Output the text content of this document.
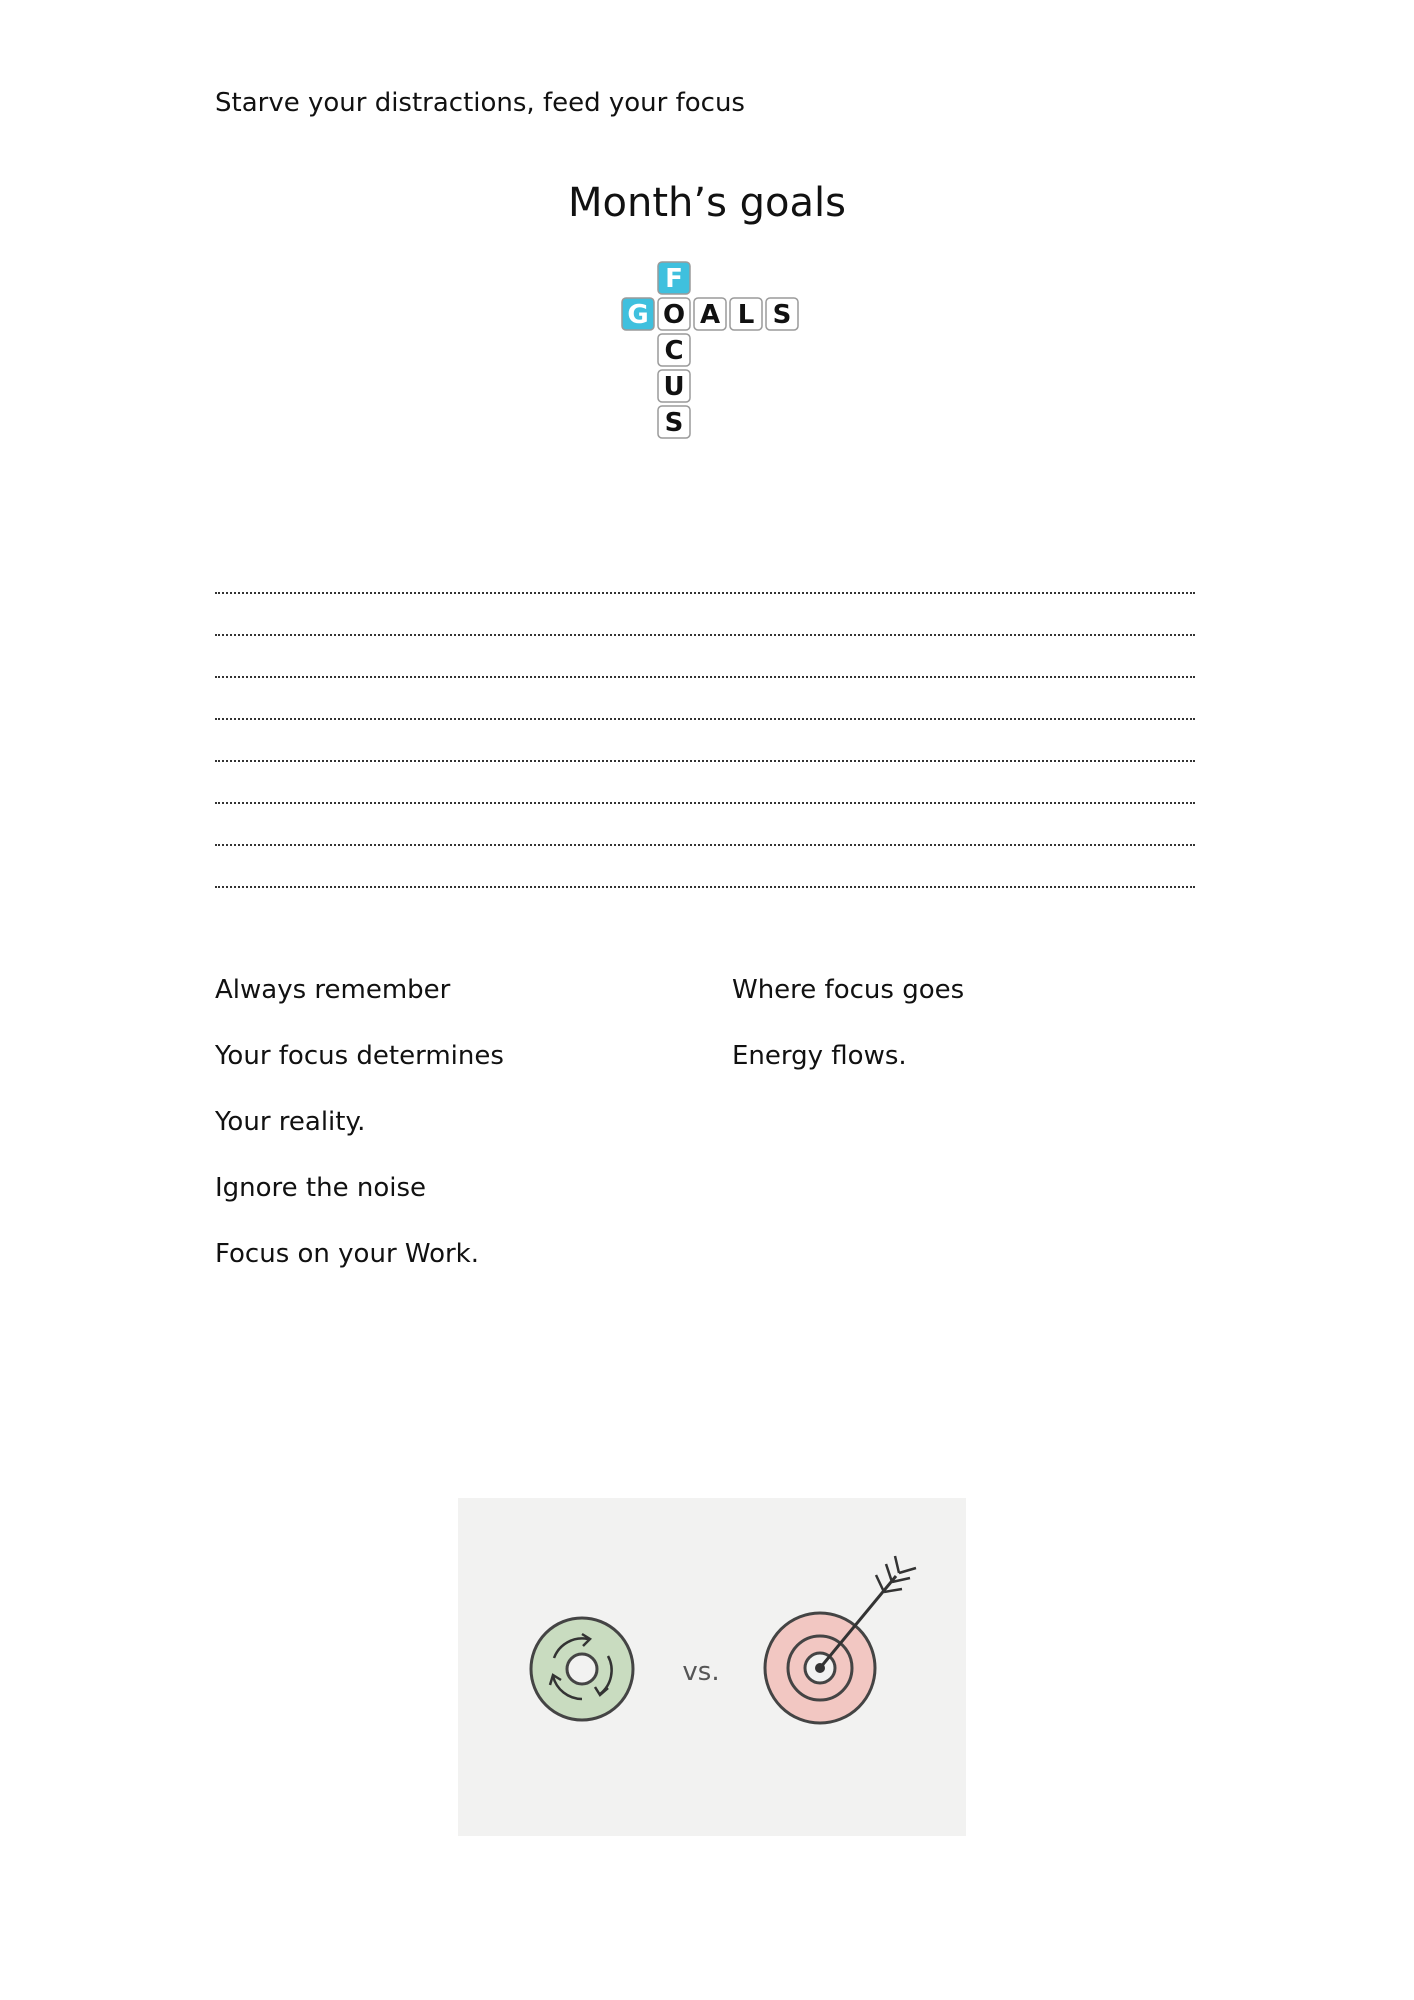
Starve your distractions, feed your focus
Month’s goals
F
C
U
S
G O A L S
Always remember
Your focus determines
Your reality.
Ignore the noise
Focus on your Work.
Where focus goes
Energy flows.
vs.
